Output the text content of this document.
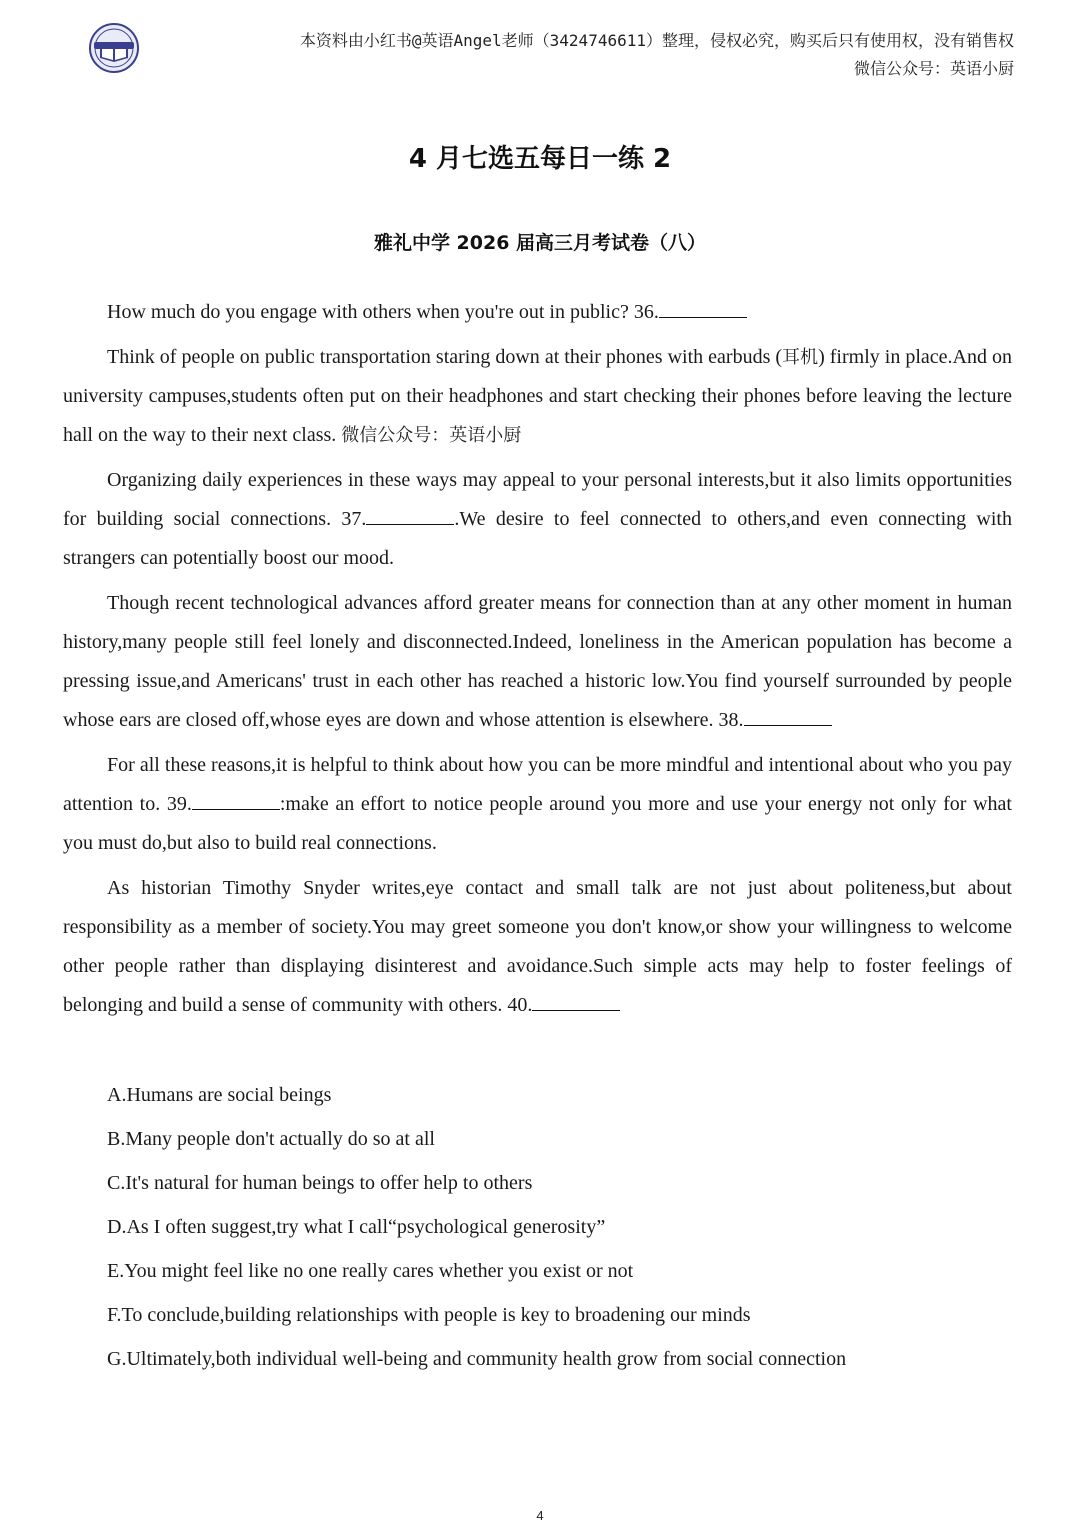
本资料由小红书@英语Angel老师（3424746611）整理，侵权必究，购买后只有使用权，没有销售权
微信公众号：英语小厨
4 月七选五每日一练 2
雅礼中学 2026 届高三月考试卷（八）

How much do you engage with others when you're out in public? 36.

Think of people on public transportation staring down at their phones with earbuds (耳机) firmly in place.And on university campuses,students often put on their headphones and start checking their phones before leaving the lecture hall on the way to their next class. 微信公众号：英语小厨

Organizing daily experiences in these ways may appeal to your personal interests,but it also limits opportunities for building social connections. 37.	.We desire to feel connected to others,and even connecting with strangers can potentially boost our mood.

Though recent technological advances afford greater means for connection than at any other moment in human history,many people still feel lonely and disconnected.Indeed, loneliness in the American population has become a pressing issue,and Americans' trust in each other has reached a historic low.You find yourself surrounded by people whose ears are closed off,whose eyes are down and whose attention is elsewhere. 38.

For all these reasons,it is helpful to think about how you can be more mindful and intentional about who you pay attention to. 39.	:make an effort to notice people around you more and use your energy not only for what you must do,but also to build real connections.

As historian Timothy Snyder writes,eye contact and small talk are not just about politeness,but about responsibility as a member of society.You may greet someone you don't know,or show your willingness to welcome other people rather than displaying disinterest and avoidance.Such simple acts may help to foster feelings of belonging and build a sense of community with others. 40.

A.Humans are social beings
B.Many people don't actually do so at all
C.It's natural for human beings to offer help to others
D.As I often suggest,try what I call“psychological generosity”
E.You might feel like no one really cares whether you exist or not
F.To conclude,building relationships with people is key to broadening our minds
G.Ultimately,both individual well-being and community health grow from social connection
4
